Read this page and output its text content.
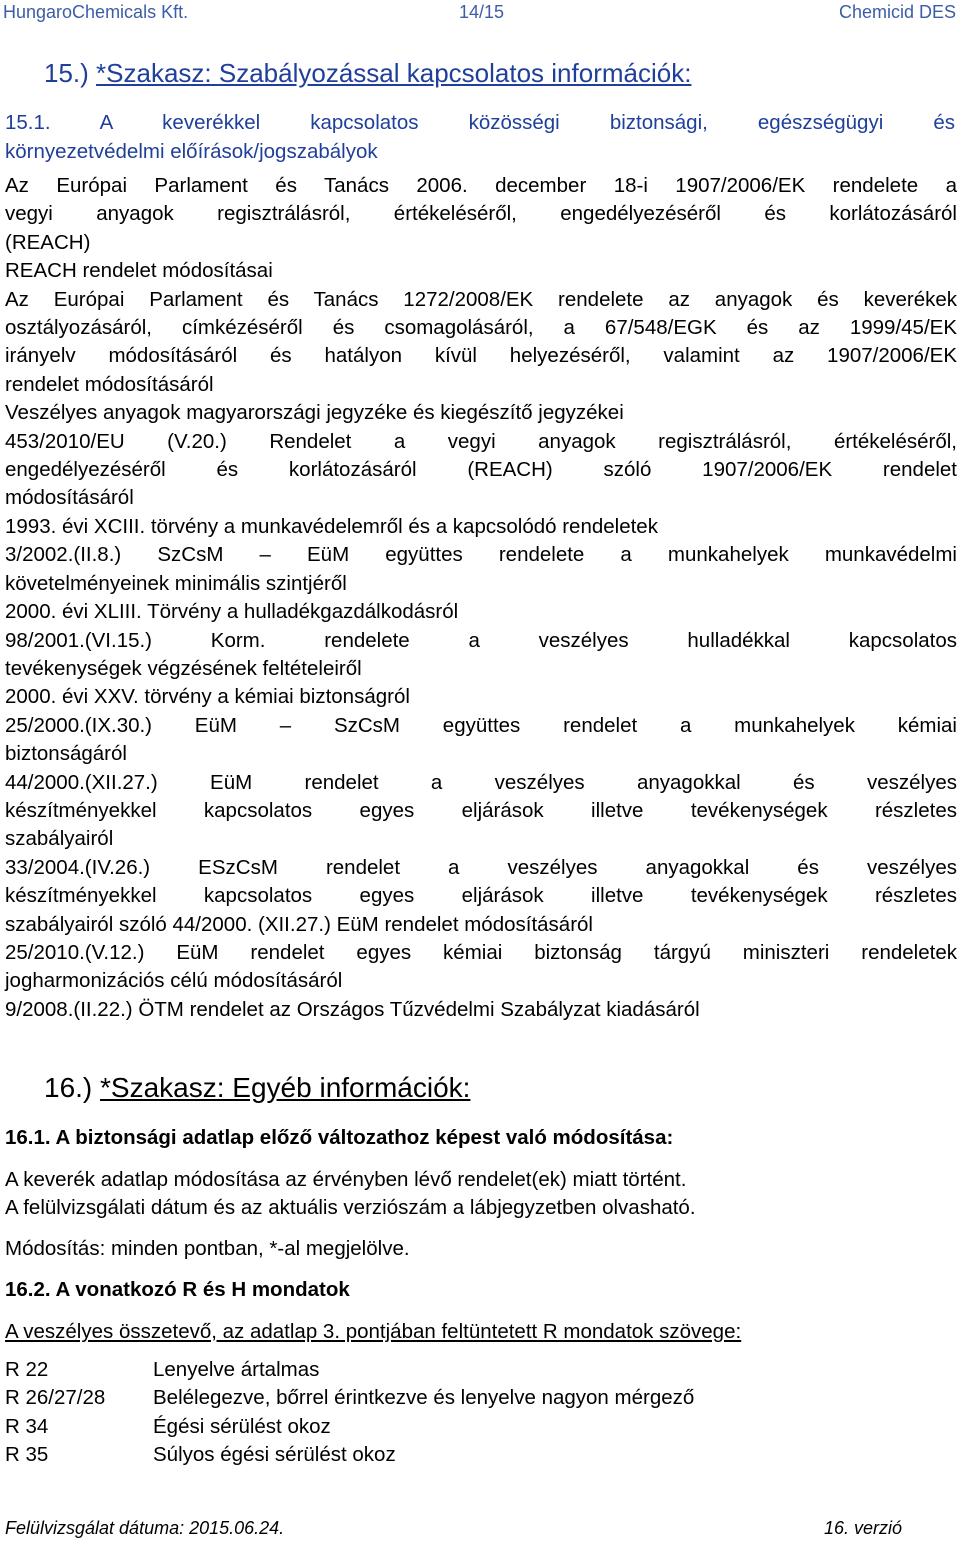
HungaroChemicals Kft.	14/15	Chemicid DES
15.) *Szakasz: Szabályozással kapcsolatos információk:
15.1. A keverékkel kapcsolatos közösségi biztonsági, egészségügyi és
környezetvédelmi előírások/jogszabályok

Az Európai Parlament és Tanács 2006. december 18-i 1907/2006/EK rendelete a

vegyi anyagok regisztrálásról, értékeléséről, engedélyezéséről és korlátozásáról

(REACH)

REACH rendelet módosításai

Az Európai Parlament és Tanács 1272/2008/EK rendelete az anyagok és keverékek

osztályozásáról, címkézéséről és csomagolásáról, a 67/548/EGK és az 1999/45/EK

irányelv módosításáról és hatályon kívül helyezéséről, valamint az 1907/2006/EK

rendelet módosításáról

Veszélyes anyagok magyarországi jegyzéke és kiegészítő jegyzékei

453/2010/EU (V.20.) Rendelet a vegyi anyagok regisztrálásról, értékeléséről,

engedélyezéséről és korlátozásáról (REACH) szóló 1907/2006/EK rendelet

módosításáról

1993. évi XCIII. törvény a munkavédelemről és a kapcsolódó rendeletek

3/2002.(II.8.) SzCsM – EüM együttes rendelete a munkahelyek munkavédelmi

követelményeinek minimális szintjéről

2000. évi XLIII. Törvény a hulladékgazdálkodásról

98/2001.(VI.15.) Korm. rendelete a veszélyes hulladékkal kapcsolatos

tevékenységek végzésének feltételeiről

2000. évi XXV. törvény a kémiai biztonságról

25/2000.(IX.30.) EüM – SzCsM együttes rendelet a munkahelyek kémiai

biztonságáról

44/2000.(XII.27.) EüM rendelet a veszélyes anyagokkal és veszélyes

készítményekkel kapcsolatos egyes eljárások illetve tevékenységek részletes

szabályairól

33/2004.(IV.26.) ESzCsM rendelet a veszélyes anyagokkal és veszélyes

készítményekkel kapcsolatos egyes eljárások illetve tevékenységek részletes

szabályairól szóló 44/2000. (XII.27.) EüM rendelet módosításáról

25/2010.(V.12.) EüM rendelet egyes kémiai biztonság tárgyú miniszteri rendeletek

jogharmonizációs célú módosításáról

9/2008.(II.22.) ÖTM rendelet az Országos Tűzvédelmi Szabályzat kiadásáról

16.) *Szakasz: Egyéb információk:
16.1. A biztonsági adatlap előző változathoz képest való módosítása:

A keverék adatlap módosítása az érvényben lévő rendelet(ek) miatt történt.

A felülvizsgálati dátum és az aktuális verziószám a lábjegyzetben olvasható.

Módosítás: minden pontban, *-al megjelölve.
16.2. A vonatkozó R és H mondatok
A veszélyes összetevő, az adatlap 3. pontjában feltüntetett R mondatok szövege:
R 22	Lenyelve ártalmas
R 26/27/28	Belélegezve, bőrrel érintkezve és lenyelve nagyon mérgező
R 34	Égési sérülést okoz
R 35	Súlyos égési sérülést okoz
Felülvizsgálat dátuma: 2015.06.24.	16. verzió
